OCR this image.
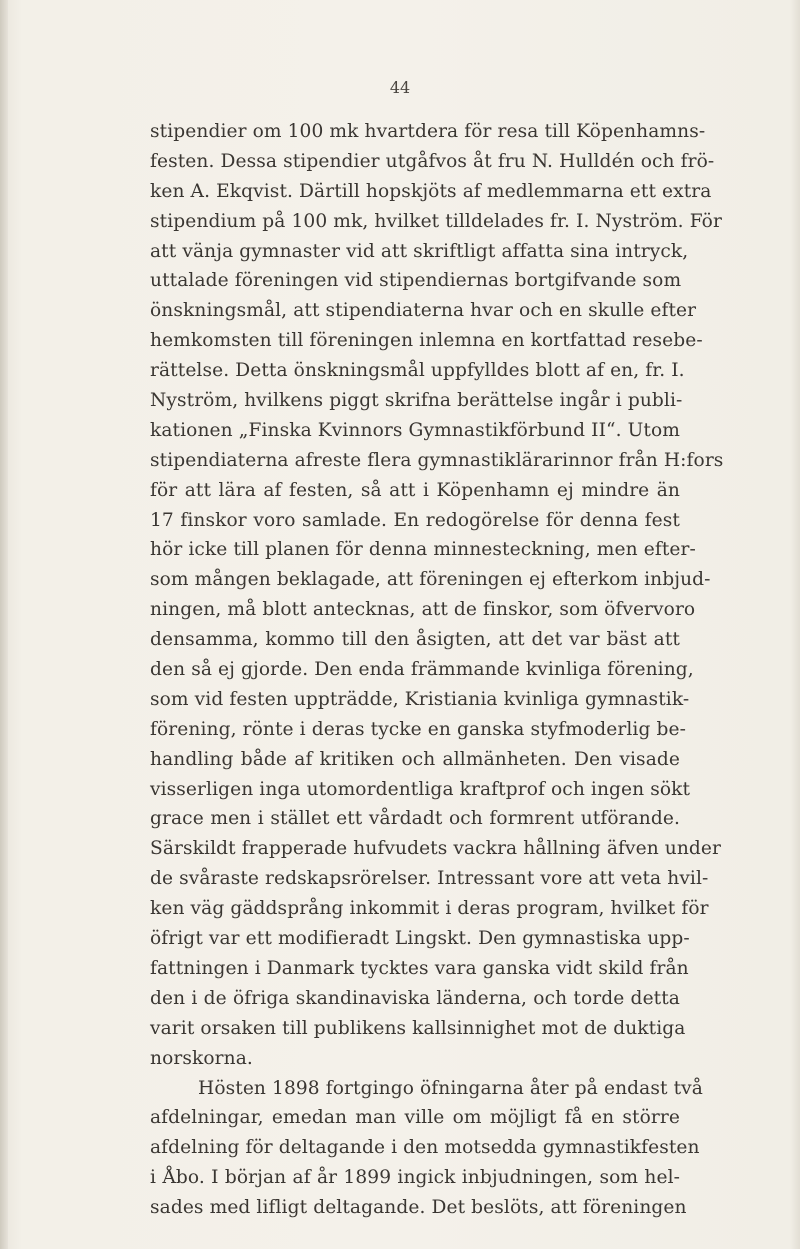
44
stipendier om 100 mk hvartdera för resa till Köpenhamns-
festen. Dessa stipendier utgåfvos åt fru N. Hulldén och frö-
ken A. Ekqvist. Därtill hopskjöts af medlemmarna ett extra
stipendium på 100 mk, hvilket tilldelades fr. I. Nyström. För
att vänja gymnaster vid att skriftligt affatta sina intryck,
uttalade föreningen vid stipendiernas bortgifvande som
önskningsmål, att stipendiaterna hvar och en skulle efter
hemkomsten till föreningen inlemna en kortfattad resebe-
rättelse. Detta önskningsmål uppfylldes blott af en, fr. I.
Nyström, hvilkens piggt skrifna berättelse ingår i publi-
kationen „Finska Kvinnors Gymnastikförbund II“. Utom
stipendiaterna afreste flera gymnastiklärarinnor från H:fors
för att lära af festen, så att i Köpenhamn ej mindre än
17 finskor voro samlade. En redogörelse för denna fest
hör icke till planen för denna minnesteckning, men efter-
som mången beklagade, att föreningen ej efterkom inbjud-
ningen, må blott antecknas, att de finskor, som öfvervoro
densamma, kommo till den åsigten, att det var bäst att
den så ej gjorde. Den enda främmande kvinliga förening,
som vid festen uppträdde, Kristiania kvinliga gymnastik-
förening, rönte i deras tycke en ganska styfmoderlig be-
handling både af kritiken och allmänheten. Den visade
visserligen inga utomordentliga kraftprof och ingen sökt
grace men i stället ett vårdadt och formrent utförande.
Särskildt frapperade hufvudets vackra hållning äfven under
de svåraste redskapsrörelser. Intressant vore att veta hvil-
ken väg gäddsprång inkommit i deras program, hvilket för
öfrigt var ett modifieradt Lingskt. Den gymnastiska upp-
fattningen i Danmark tycktes vara ganska vidt skild från
den i de öfriga skandinaviska länderna, och torde detta
varit orsaken till publikens kallsinnighet mot de duktiga
norskorna.
Hösten 1898 fortgingo öfningarna åter på endast två
afdelningar, emedan man ville om möjligt få en större
afdelning för deltagande i den motsedda gymnastikfesten
i Åbo. I början af år 1899 ingick inbjudningen, som hel-
sades med lifligt deltagande. Det beslöts, att föreningen
